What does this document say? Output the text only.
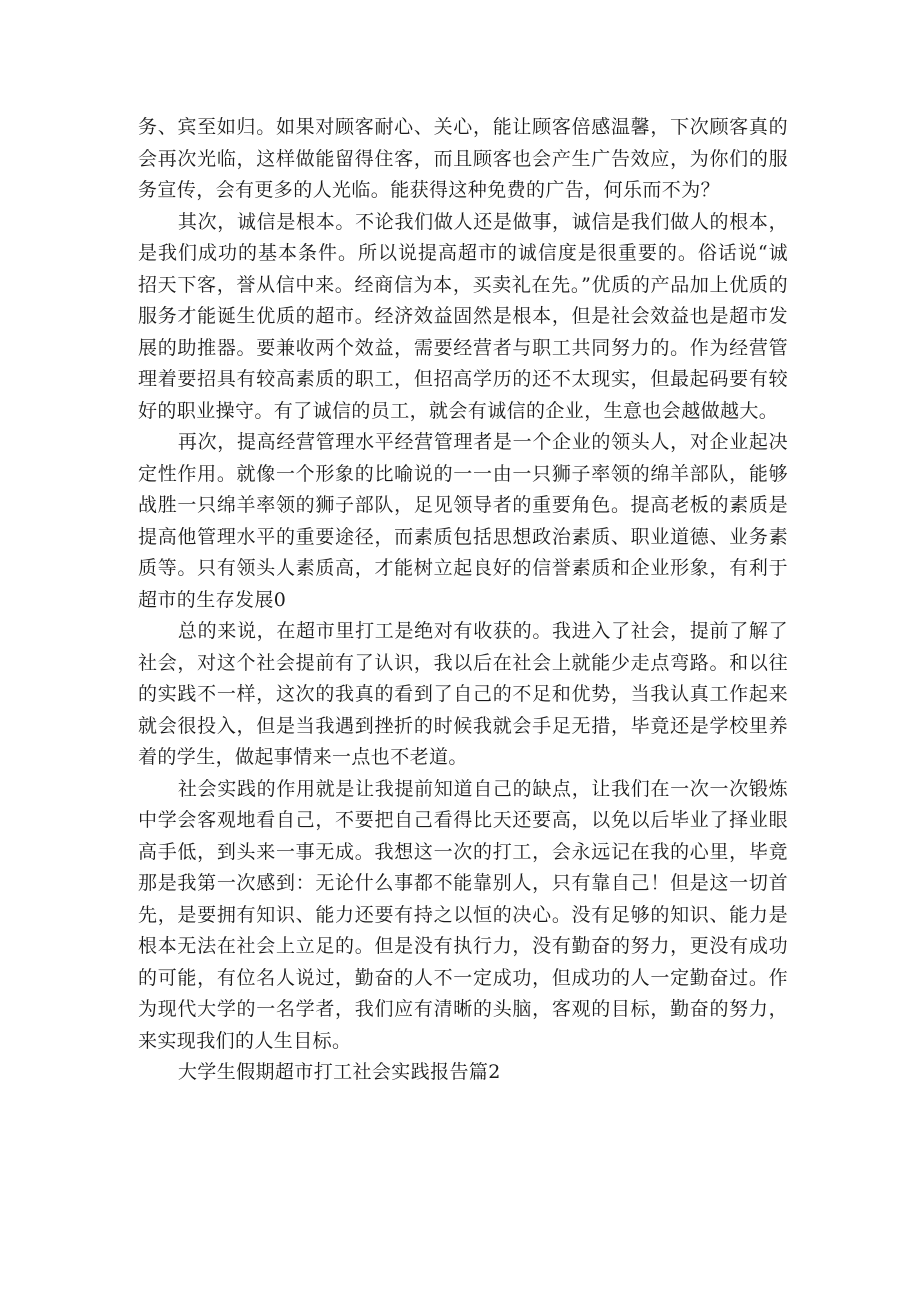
务、宾至如归。如果对顾客耐心、关心，能让顾客倍感温馨，下次顾客真的会再次光临，这样做能留得住客，而且顾客也会产生广告效应，为你们的服务宣传，会有更多的人光临。能获得这种免费的广告，何乐而不为？

其次，诚信是根本。不论我们做人还是做事，诚信是我们做人的根本，是我们成功的基本条件。所以说提高超市的诚信度是很重要的。俗话说“诚招天下客，誉从信中来。经商信为本，买卖礼在先。”优质的产品加上优质的服务才能诞生优质的超市。经济效益固然是根本，但是社会效益也是超市发展的助推器。要兼收两个效益，需要经营者与职工共同努力的。作为经营管理着要招具有较高素质的职工，但招高学历的还不太现实，但最起码要有较好的职业操守。有了诚信的员工，就会有诚信的企业，生意也会越做越大。

再次，提高经营管理水平经营管理者是一个企业的领头人，对企业起决定性作用。就像一个形象的比喻说的一一由一只狮子率领的绵羊部队，能够战胜一只绵羊率领的狮子部队，足见领导者的重要角色。提高老板的素质是提高他管理水平的重要途径，而素质包括思想政治素质、职业道德、业务素质等。只有领头人素质高，才能树立起良好的信誉素质和企业形象，有利于超市的生存发展0

总的来说，在超市里打工是绝对有收获的。我进入了社会，提前了解了社会，对这个社会提前有了认识，我以后在社会上就能少走点弯路。和以往的实践不一样，这次的我真的看到了自己的不足和优势，当我认真工作起来就会很投入，但是当我遇到挫折的时候我就会手足无措，毕竟还是学校里养着的学生，做起事情来一点也不老道。

社会实践的作用就是让我提前知道自己的缺点，让我们在一次一次锻炼中学会客观地看自己，不要把自己看得比天还要高，以免以后毕业了择业眼高手低，到头来一事无成。我想这一次的打工，会永远记在我的心里，毕竟那是我第一次感到：无论什么事都不能靠别人，只有靠自己！但是这一切首先，是要拥有知识、能力还要有持之以恒的决心。没有足够的知识、能力是根本无法在社会上立足的。但是没有执行力，没有勤奋的努力，更没有成功的可能，有位名人说过，勤奋的人不一定成功，但成功的人一定勤奋过。作为现代大学的一名学者，我们应有清晰的头脑，客观的目标，勤奋的努力，来实现我们的人生目标。

大学生假期超市打工社会实践报告篇2
